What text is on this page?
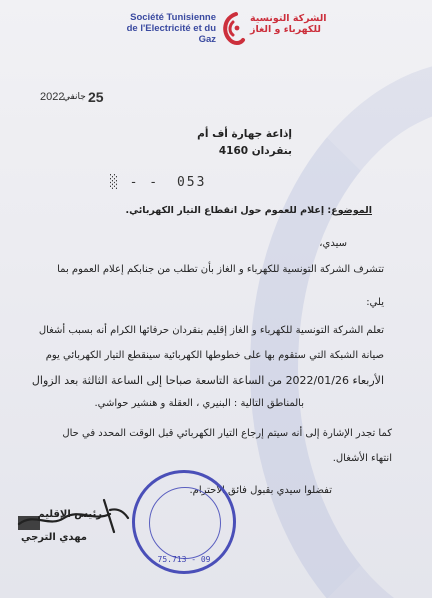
Société Tunisienne
de l'Electricité et du Gaz
الشركة التونسية
للكهرباء و الغاز
2022
جانفي 25
إذاعة جهارة أف أم
بنقردان 4160
░ - - 053
الموضوع: إعلام للعموم حول انقطاع التيار الكهربائي.
سيدي،
تتشرف الشركة التونسية للكهرباء و الغاز بأن تطلب من جنابكم إعلام العموم بما
يلي:
تعلم الشركة التونسية للكهرباء و الغاز إقليم بنقردان حرفائها الكرام أنه بسبب أشغال
صيانة الشبكة التي ستقوم بها على خطوطها الكهربائية سينقطع التيار الكهربائي يوم
الأربعاء 2022/01/26 من الساعة التاسعة صباحا إلى الساعة الثالثة بعد الزوال
بالمناطق التالية : البنيري ، العقلة و هنشير حواشي.
كما تجدر الإشارة إلى أنه سيتم إرجاع التيار الكهربائي قبل الوقت المحدد في حال
انتهاء الأشغال.
تفضلوا سيدي بقبول فائق الاحترام.
رئيس الإقليم
مهدي الترجي
75.713 - 09
